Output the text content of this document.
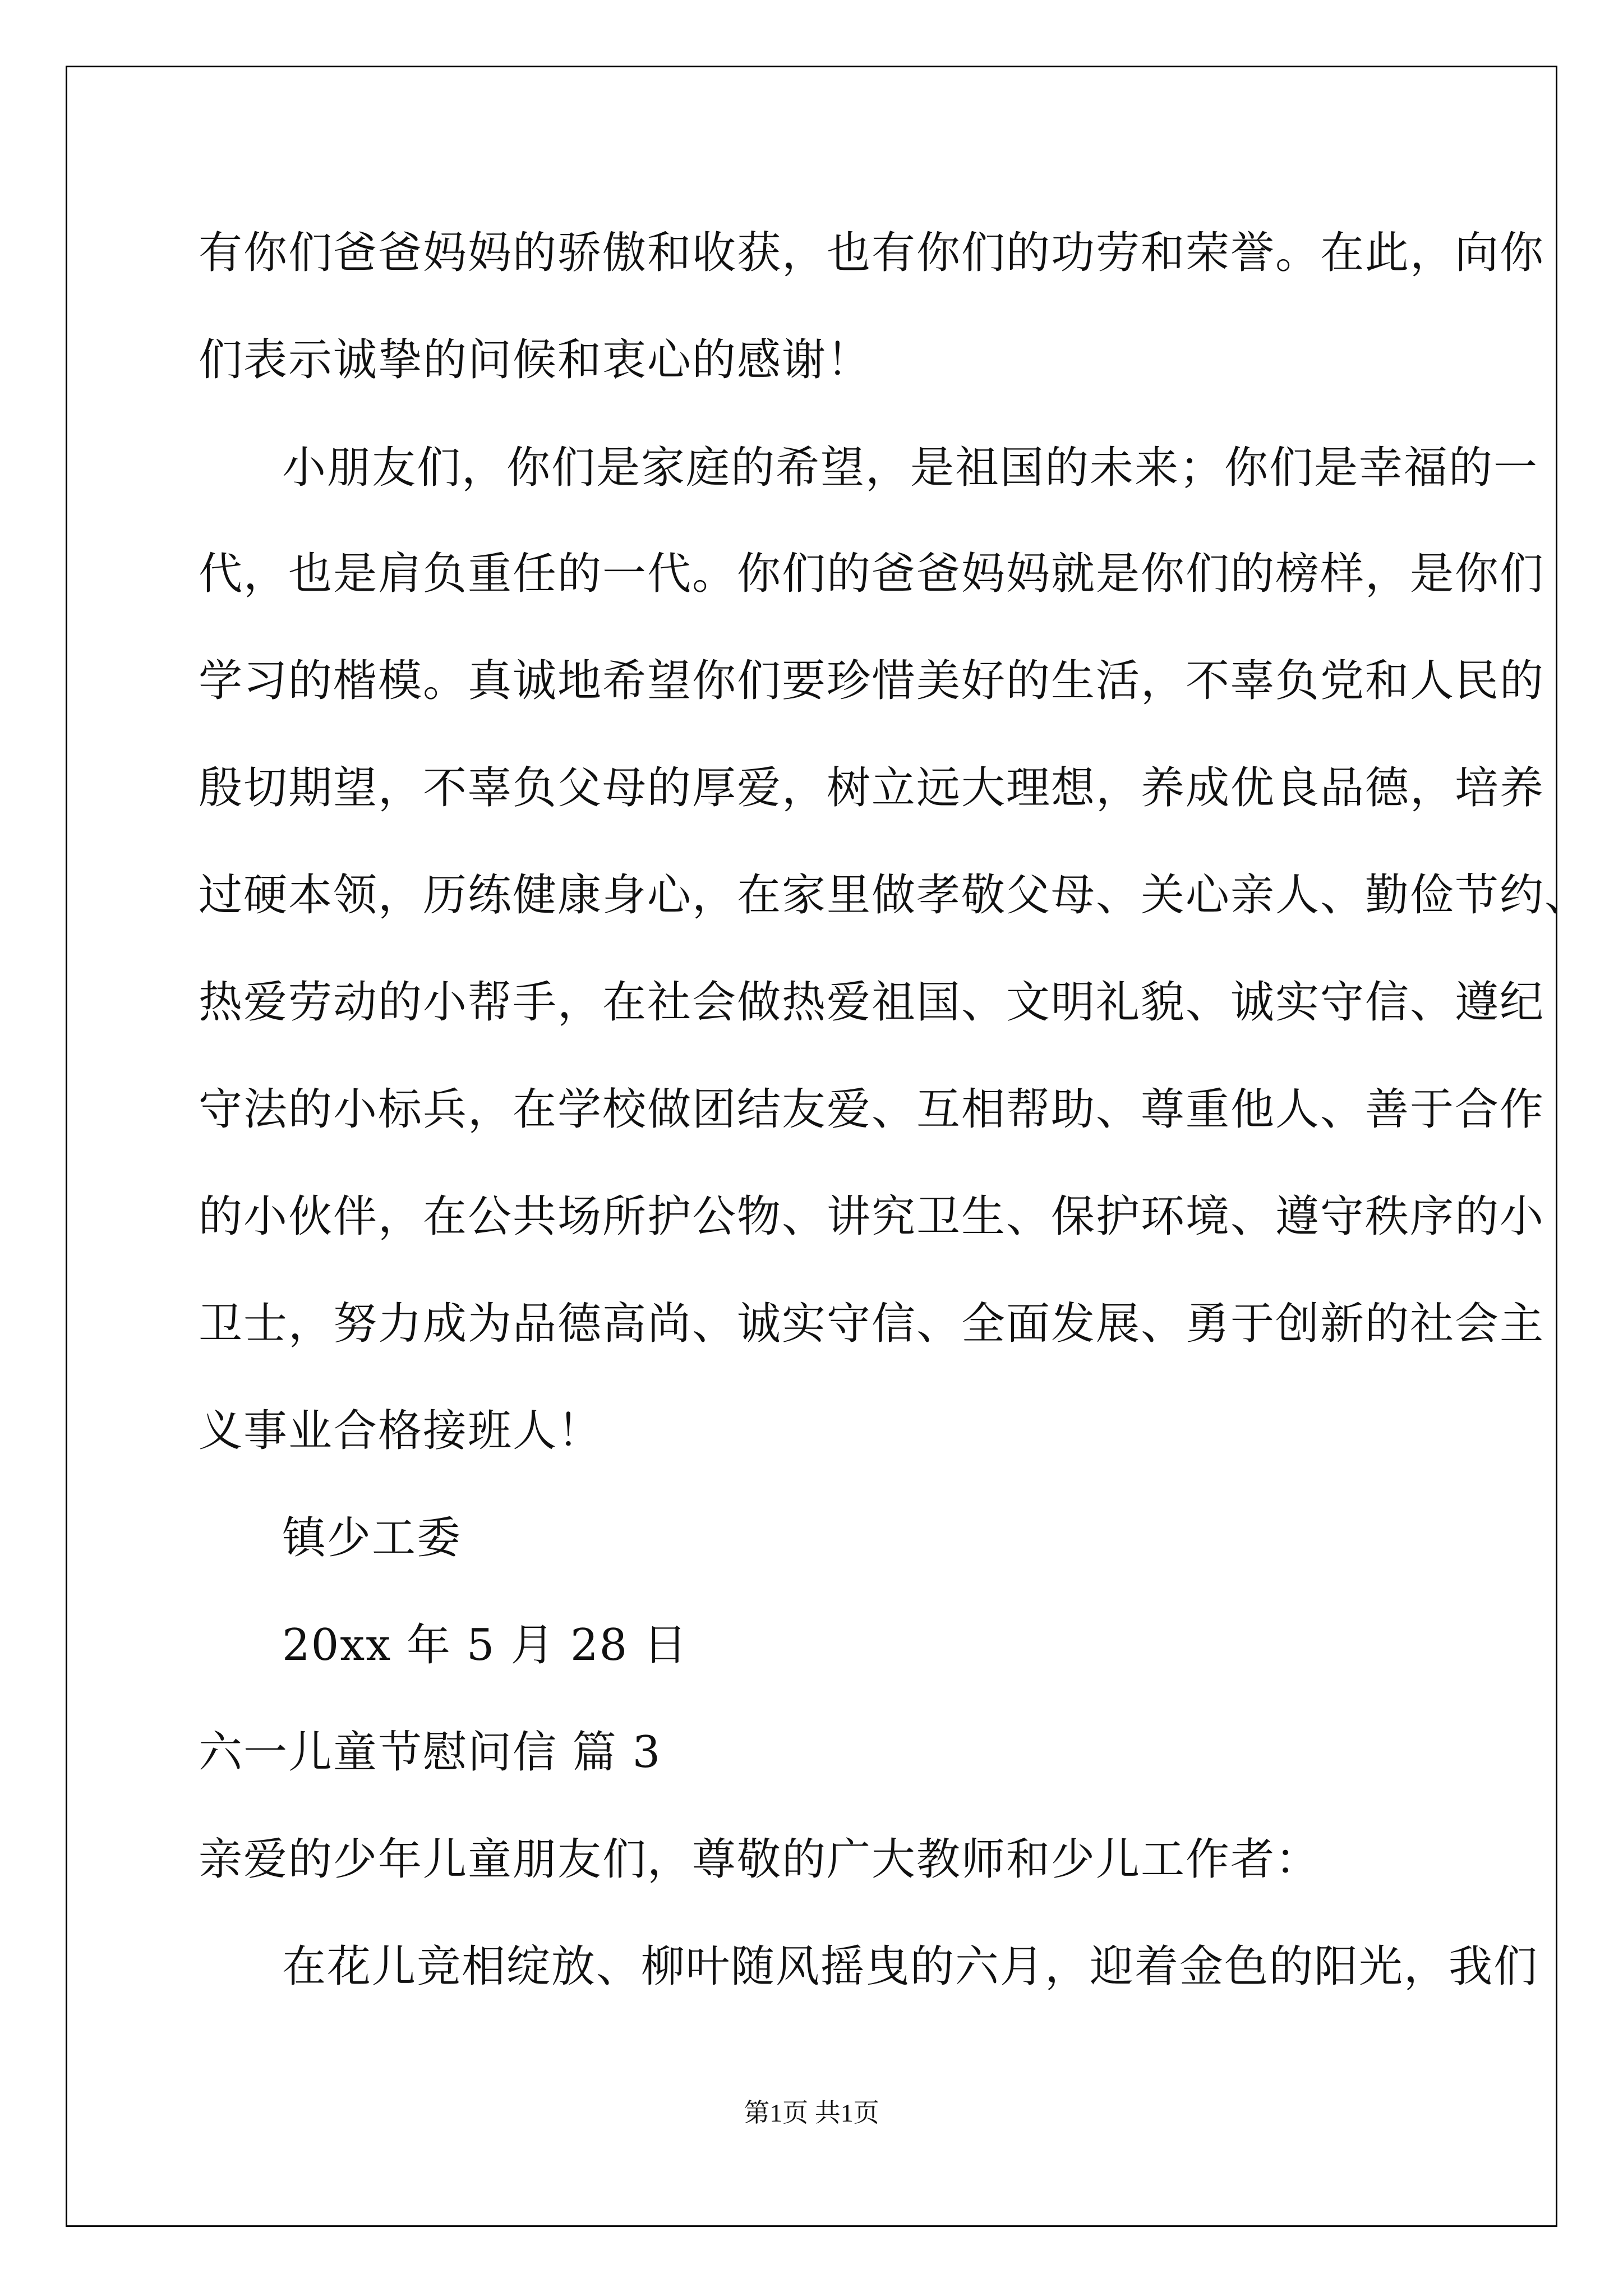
有你们爸爸妈妈的骄傲和收获，也有你们的功劳和荣誉。在此，向你
们表示诚挚的问候和衷心的感谢！
小朋友们，你们是家庭的希望，是祖国的未来；你们是幸福的一
代，也是肩负重任的一代。你们的爸爸妈妈就是你们的榜样，是你们
学习的楷模。真诚地希望你们要珍惜美好的生活，不辜负党和人民的
殷切期望，不辜负父母的厚爱，树立远大理想，养成优良品德，培养
过硬本领，历练健康身心，在家里做孝敬父母、关心亲人、勤俭节约、
热爱劳动的小帮手，在社会做热爱祖国、文明礼貌、诚实守信、遵纪
守法的小标兵，在学校做团结友爱、互相帮助、尊重他人、善于合作
的小伙伴，在公共场所护公物、讲究卫生、保护环境、遵守秩序的小
卫士，努力成为品德高尚、诚实守信、全面发展、勇于创新的社会主
义事业合格接班人！
镇少工委
20xx 年 5 月 28 日
六一儿童节慰问信 篇 3
亲爱的少年儿童朋友们，尊敬的广大教师和少儿工作者：
在花儿竞相绽放、柳叶随风摇曳的六月，迎着金色的阳光，我们
第1页 共1页
